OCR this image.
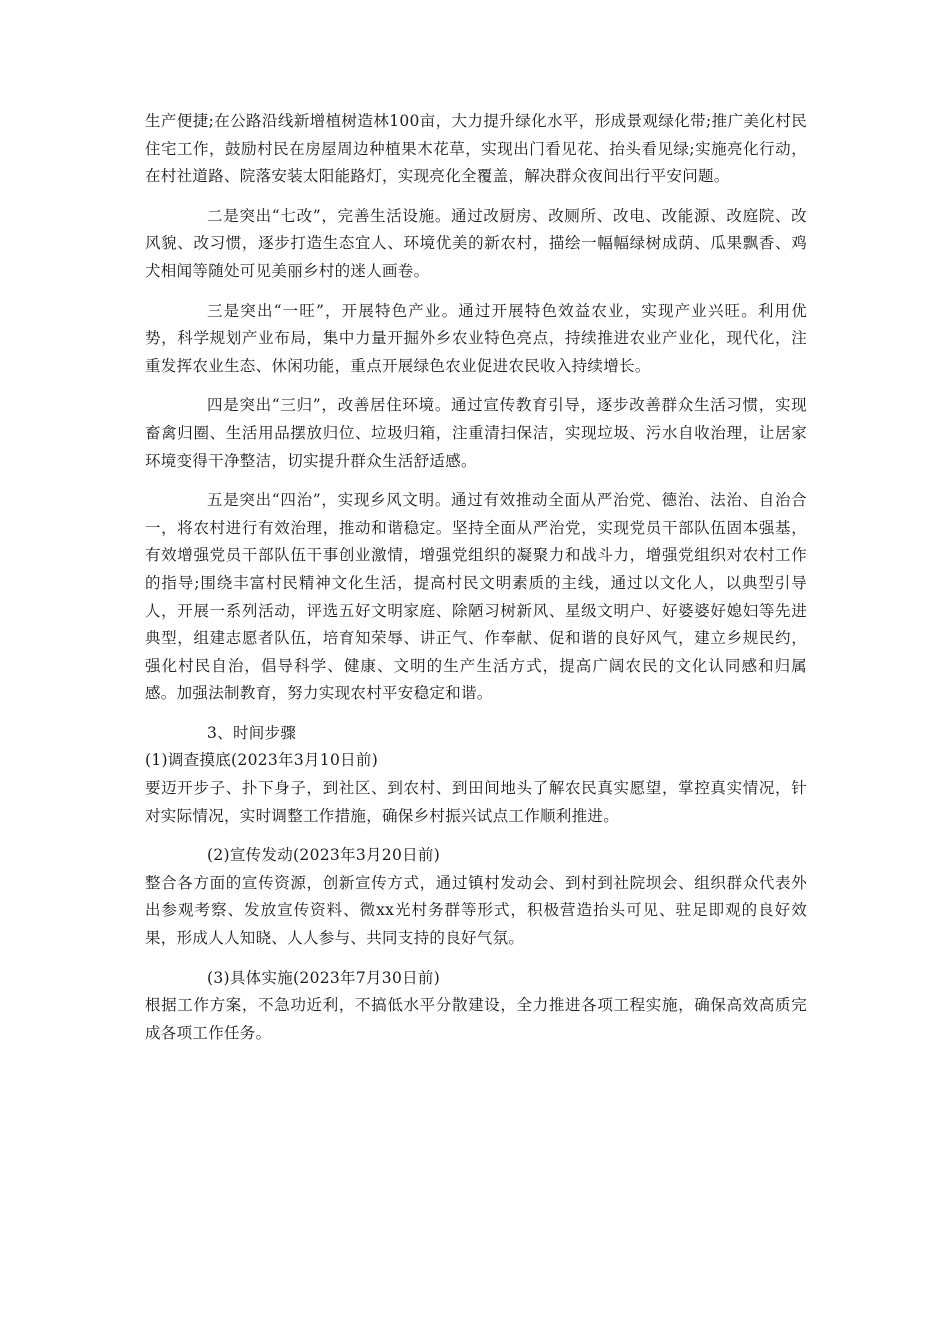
生产便捷;在公路沿线新增植树造林100亩，大力提升绿化水平，形成景观绿化带;推广美化村民住宅工作，鼓励村民在房屋周边种植果木花草，实现出门看见花、抬头看见绿;实施亮化行动，在村社道路、院落安装太阳能路灯，实现亮化全覆盖，解决群众夜间出行平安问题。

二是突出“七改”，完善生活设施。通过改厨房、改厕所、改电、改能源、改庭院、改风貌、改习惯，逐步打造生态宜人、环境优美的新农村，描绘一幅幅绿树成荫、瓜果飘香、鸡犬相闻等随处可见美丽乡村的迷人画卷。

三是突出“一旺”，开展特色产业。通过开展特色效益农业，实现产业兴旺。利用优势，科学规划产业布局，集中力量开掘外乡农业特色亮点，持续推进农业产业化，现代化，注重发挥农业生态、休闲功能，重点开展绿色农业促进农民收入持续增长。

四是突出“三归”，改善居住环境。通过宣传教育引导，逐步改善群众生活习惯，实现畜禽归圈、生活用品摆放归位、垃圾归箱，注重清扫保洁，实现垃圾、污水自收治理，让居家环境变得干净整洁，切实提升群众生活舒适感。

五是突出“四治”，实现乡风文明。通过有效推动全面从严治党、德治、法治、自治合一，将农村进行有效治理，推动和谐稳定。坚持全面从严治党，实现党员干部队伍固本强基，有效增强党员干部队伍干事创业激情，增强党组织的凝聚力和战斗力，增强党组织对农村工作的指导;围绕丰富村民精神文化生活，提高村民文明素质的主线，通过以文化人，以典型引导人，开展一系列活动，评选五好文明家庭、除陋习树新风、星级文明户、好婆婆好媳妇等先进典型，组建志愿者队伍，培育知荣辱、讲正气、作奉献、促和谐的良好风气，建立乡规民约，强化村民自治，倡导科学、健康、文明的生产生活方式，提高广阔农民的文化认同感和归属感。加强法制教育，努力实现农村平安稳定和谐。

3、时间步骤

(1)调查摸底(2023年3月10日前)

要迈开步子、扑下身子，到社区、到农村、到田间地头了解农民真实愿望，掌控真实情况，针对实际情况，实时调整工作措施，确保乡村振兴试点工作顺利推进。

(2)宣传发动(2023年3月20日前)

整合各方面的宣传资源，创新宣传方式，通过镇村发动会、到村到社院坝会、组织群众代表外出参观考察、发放宣传资料、微xx光村务群等形式，积极营造抬头可见、驻足即观的良好效果，形成人人知晓、人人参与、共同支持的良好气氛。

(3)具体实施(2023年7月30日前)

根据工作方案，不急功近利，不搞低水平分散建设，全力推进各项工程实施，确保高效高质完成各项工作任务。
